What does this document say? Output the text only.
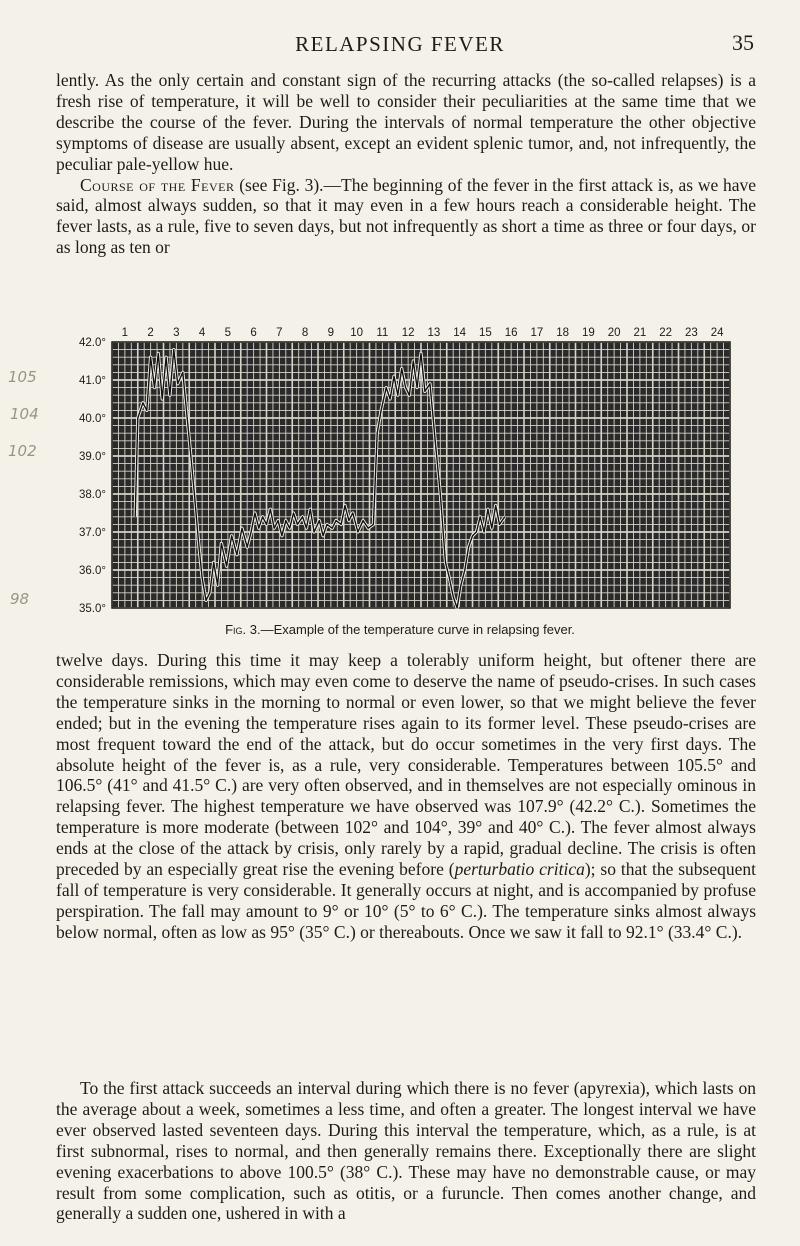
RELAPSING FEVER	35
lently. As the only certain and constant sign of the recurring attacks (the so-called relapses) is a fresh rise of temperature, it will be well to consider their peculiarities at the same time that we describe the course of the fever. During the intervals of normal temperature the other objective symptoms of disease are usually absent, except an evident splenic tumor, and, not infrequently, the peculiar pale-yellow hue.
Course of the Fever (see Fig. 3).—The beginning of the fever in the first attack is, as we have said, almost always sudden, so that it may even in a few hours reach a considerable height. The fever lasts, as a rule, five to seven days, but not infrequently as short a time as three or four days, or as long as ten or
1 2 3 4 5 6 7 8 9 10 11 12 13 14 15 16 17 18 19 20 21 22 23 24
42.0°
41.0°
40.0°
39.0°
38.0°
37.0°
36.0°
35.0°
Fig. 3.—Example of the temperature curve in relapsing fever.
105
104
102
98
twelve days. During this time it may keep a tolerably uniform height, but oftener there are considerable remissions, which may even come to deserve the name of pseudo-crises. In such cases the temperature sinks in the morning to normal or even lower, so that we might believe the fever ended; but in the evening the temperature rises again to its former level. These pseudo-crises are most frequent toward the end of the attack, but do occur sometimes in the very first days. The absolute height of the fever is, as a rule, very considerable. Temperatures between 105.5° and 106.5° (41° and 41.5° C.) are very often observed, and in themselves are not especially ominous in relapsing fever. The highest temperature we have observed was 107.9° (42.2° C.). Sometimes the temperature is more moderate (between 102° and 104°, 39° and 40° C.). The fever almost always ends at the close of the attack by crisis, only rarely by a rapid, gradual decline. The crisis is often preceded by an especially great rise the evening before (perturbatio critica); so that the subsequent fall of temperature is very considerable. It generally occurs at night, and is accompanied by profuse perspiration. The fall may amount to 9° or 10° (5° to 6° C.). The temperature sinks almost always below normal, often as low as 95° (35° C.) or thereabouts. Once we saw it fall to 92.1° (33.4° C.).
To the first attack succeeds an interval during which there is no fever (apyrexia), which lasts on the average about a week, sometimes a less time, and often a greater. The longest interval we have ever observed lasted seventeen days. During this interval the temperature, which, as a rule, is at first subnormal, rises to normal, and then generally remains there. Exceptionally there are slight evening exacerbations to above 100.5° (38° C.). These may have no demonstrable cause, or may result from some complication, such as otitis, or a furuncle. Then comes another change, and generally a sudden one, ushered in with a
